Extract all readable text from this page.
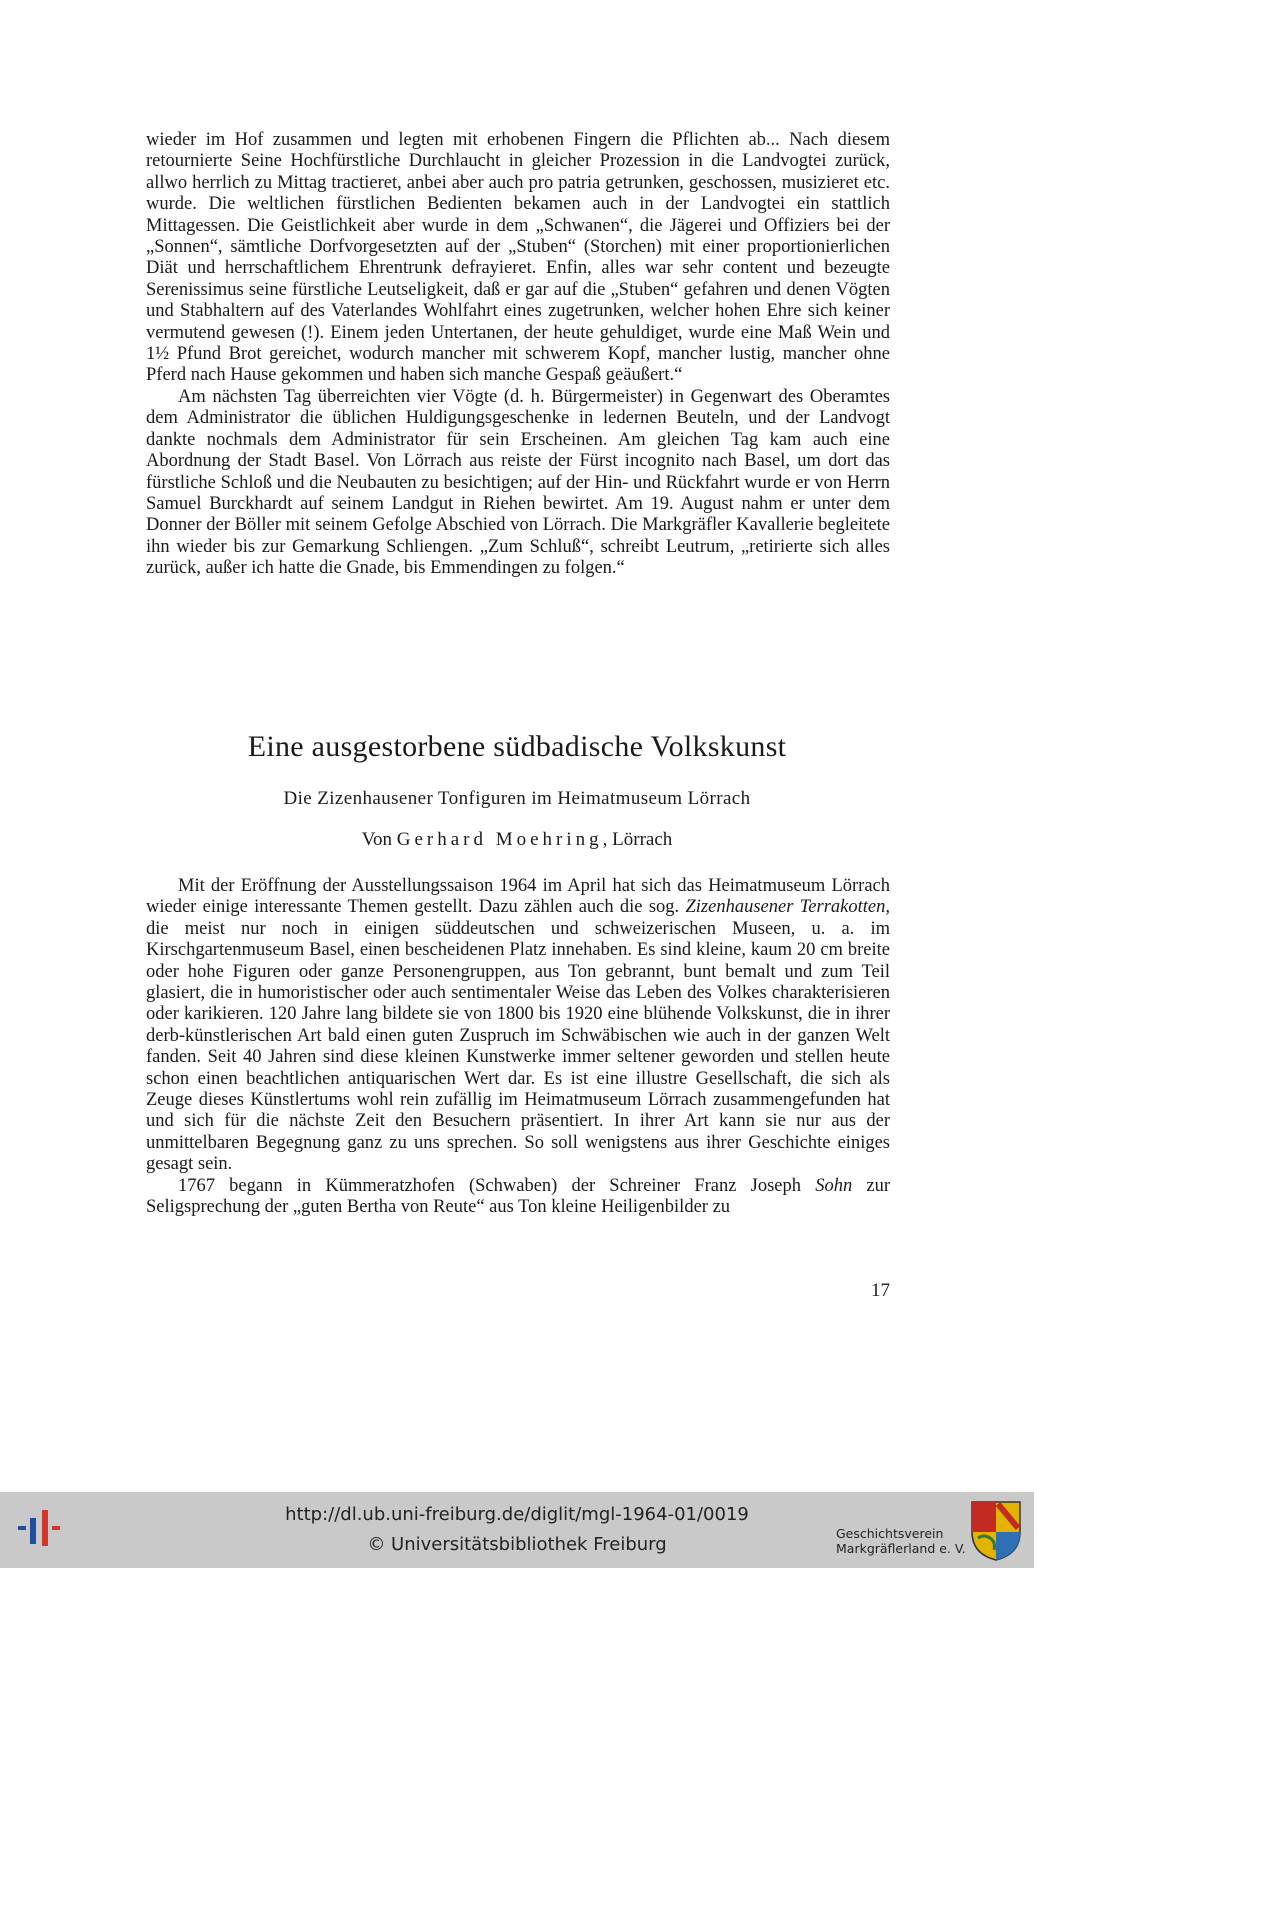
wieder im Hof zusammen und legten mit erhobenen Fingern die Pflichten ab... Nach diesem retournierte Seine Hochfürstliche Durchlaucht in gleicher Prozession in die Landvogtei zurück, allwo herrlich zu Mittag tractieret, anbei aber auch pro patria getrunken, geschossen, musizieret etc. wurde. Die weltlichen fürstlichen Bedienten bekamen auch in der Landvogtei ein stattlich Mittagessen. Die Geistlichkeit aber wurde in dem „Schwanen“, die Jägerei und Offiziers bei der „Sonnen“, sämtliche Dorfvorgesetzten auf der „Stuben“ (Storchen) mit einer proportionierlichen Diät und herrschaftlichem Ehrentrunk defrayieret. Enfin, alles war sehr content und bezeugte Serenissimus seine fürstliche Leutseligkeit, daß er gar auf die „Stuben“ gefahren und denen Vögten und Stabhaltern auf des Vaterlandes Wohlfahrt eines zugetrunken, welcher hohen Ehre sich keiner vermutend gewesen (!). Einem jeden Untertanen, der heute gehuldiget, wurde eine Maß Wein und 1½ Pfund Brot gereichet, wodurch mancher mit schwerem Kopf, mancher lustig, mancher ohne Pferd nach Hause gekommen und haben sich manche Gespaß geäußert.“

Am nächsten Tag überreichten vier Vögte (d. h. Bürgermeister) in Gegenwart des Oberamtes dem Administrator die üblichen Huldigungsgeschenke in ledernen Beuteln, und der Landvogt dankte nochmals dem Administrator für sein Erscheinen. Am gleichen Tag kam auch eine Abordnung der Stadt Basel. Von Lörrach aus reiste der Fürst incognito nach Basel, um dort das fürstliche Schloß und die Neubauten zu besichtigen; auf der Hin- und Rückfahrt wurde er von Herrn Samuel Burckhardt auf seinem Landgut in Riehen bewirtet. Am 19. August nahm er unter dem Donner der Böller mit seinem Gefolge Abschied von Lörrach. Die Markgräfler Kavallerie begleitete ihn wieder bis zur Gemarkung Schliengen. „Zum Schluß“, schreibt Leutrum, „retirierte sich alles zurück, außer ich hatte die Gnade, bis Emmendingen zu folgen.“

Eine ausgestorbene südbadische Volkskunst
Die Zizenhausener Tonfiguren im Heimatmuseum Lörrach
Von Gerhard Moehring, Lörrach

Mit der Eröffnung der Ausstellungssaison 1964 im April hat sich das Heimatmuseum Lörrach wieder einige interessante Themen gestellt. Dazu zählen auch die sog. Zizenhausener Terrakotten, die meist nur noch in einigen süddeutschen und schweizerischen Museen, u. a. im Kirschgartenmuseum Basel, einen bescheidenen Platz innehaben. Es sind kleine, kaum 20 cm breite oder hohe Figuren oder ganze Personengruppen, aus Ton gebrannt, bunt bemalt und zum Teil glasiert, die in humoristischer oder auch sentimentaler Weise das Leben des Volkes charakterisieren oder karikieren. 120 Jahre lang bildete sie von 1800 bis 1920 eine blühende Volkskunst, die in ihrer derb-künstlerischen Art bald einen guten Zuspruch im Schwäbischen wie auch in der ganzen Welt fanden. Seit 40 Jahren sind diese kleinen Kunstwerke immer seltener geworden und stellen heute schon einen beachtlichen antiquarischen Wert dar. Es ist eine illustre Gesellschaft, die sich als Zeuge dieses Künstlertums wohl rein zufällig im Heimatmuseum Lörrach zusammengefunden hat und sich für die nächste Zeit den Besuchern präsentiert. In ihrer Art kann sie nur aus der unmittelbaren Begegnung ganz zu uns sprechen. So soll wenigstens aus ihrer Geschichte einiges gesagt sein.

1767 begann in Kümmeratzhofen (Schwaben) der Schreiner Franz Joseph Sohn zur Seligsprechung der „guten Bertha von Reute“ aus Ton kleine Heiligenbilder zu

17
http://dl.ub.uni-freiburg.de/diglit/mgl-1964-01/0019
© Universitätsbibliothek Freiburg
Geschichtsverein
Markgräflerland e. V.
